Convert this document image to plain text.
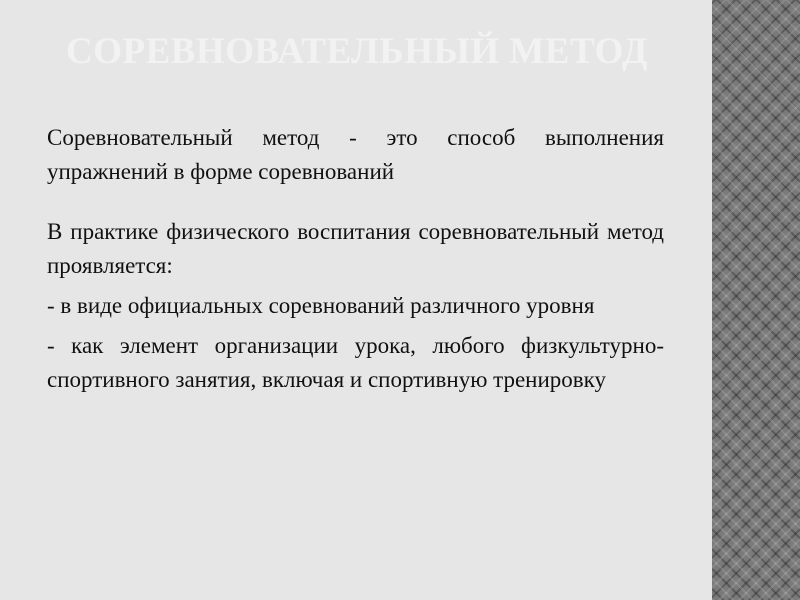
СОРЕВНОВАТЕЛЬНЫЙ МЕТОД

Соревновательный метод - это способ выполнения упражнений в форме соревнований

В практике физического воспитания соревновательный метод проявляется:

- в виде официальных соревнований различного уровня

- как элемент организации урока, любого физкультурно-спортивного занятия, включая и спортивную тренировку
